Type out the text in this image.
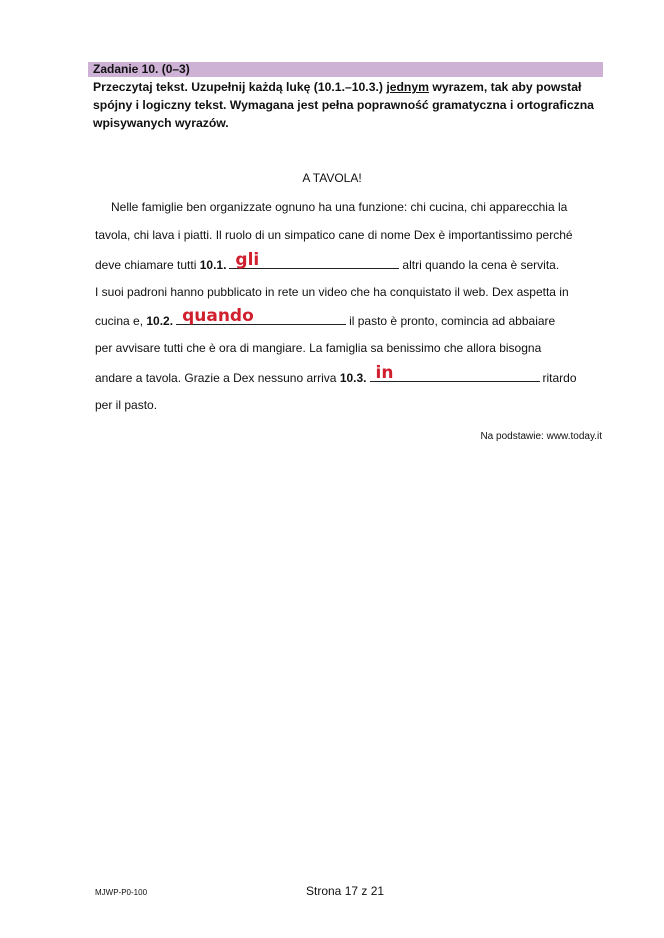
Zadanie 10. (0–3)
Przeczytaj tekst. Uzupełnij każdą lukę (10.1.–10.3.) jednym wyrazem, tak aby powstał
spójny i logiczny tekst. Wymagana jest pełna poprawność gramatyczna i ortograficzna
wpisywanych wyrazów.
A TAVOLA!
Nelle famiglie ben organizzate ognuno ha una funzione: chi cucina, chi apparecchia la
tavola, chi lava i piatti. Il ruolo di un simpatico cane di nome Dex è importantissimo perché
deve chiamare tutti 10.1. gli	altri quando la cena è servita.
I suoi padroni hanno pubblicato in rete un video che ha conquistato il web. Dex aspetta in
cucina e, 10.2. quando	il pasto è pronto, comincia ad abbaiare
per avvisare tutti che è ora di mangiare. La famiglia sa benissimo che allora bisogna
andare a tavola. Grazie a Dex nessuno arriva 10.3. in	ritardo
per il pasto.
Na podstawie: www.today.it
MJWP-P0-100	Strona 17 z 21
